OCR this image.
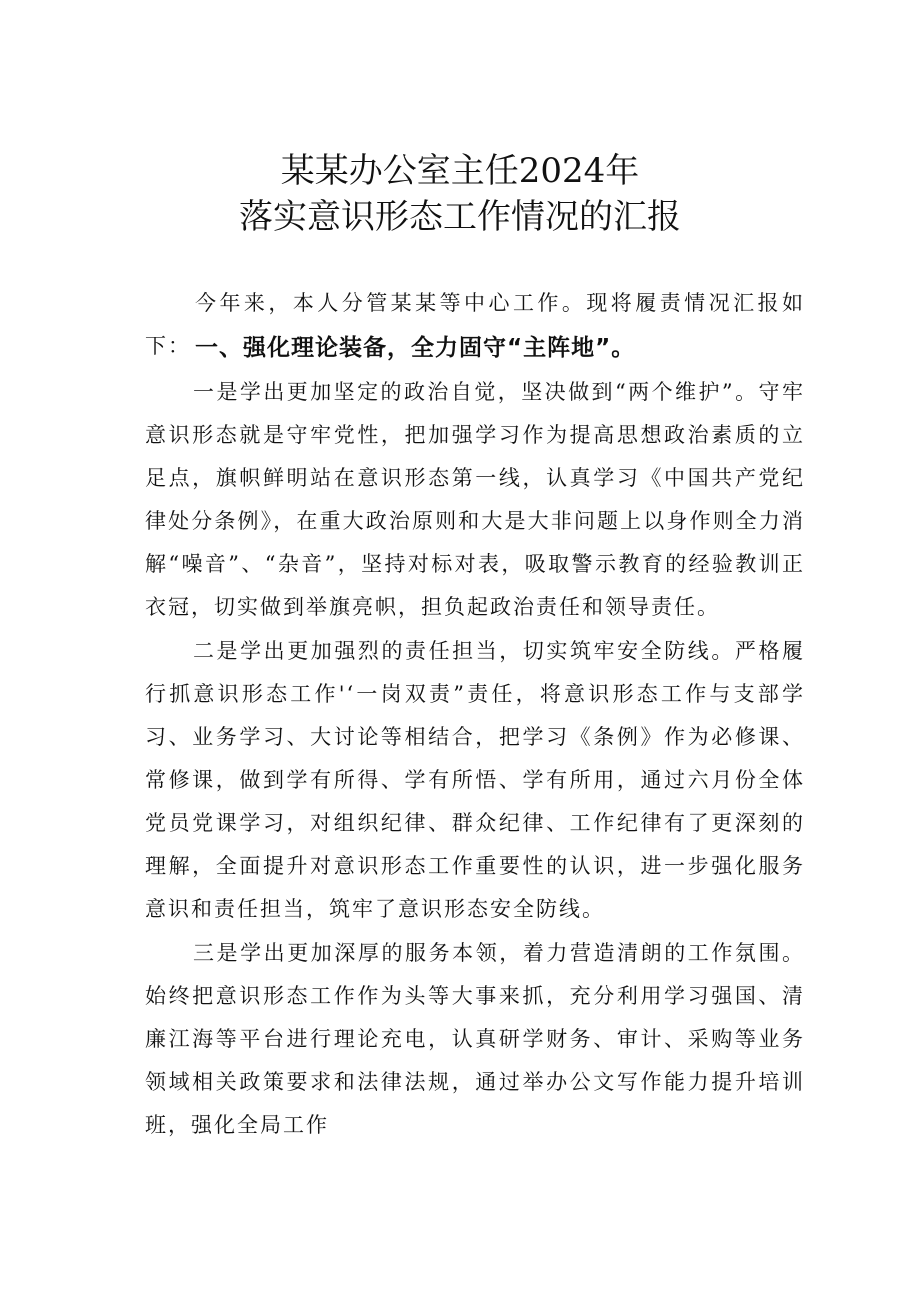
某某办公室主任2024年
落实意识形态工作情况的汇报
今年来，本人分管某某等中心工作。现将履责情况汇报如下： 一、强化理论装备，全力固守“主阵地”。
一是学出更加坚定的政治自觉，坚决做到“两个维护”。守牢意识形态就是守牢党性，把加强学习作为提高思想政治素质的立足点，旗帜鲜明站在意识形态第一线，认真学习《中国共产党纪律处分条例》，在重大政治原则和大是大非问题上以身作则全力消解“噪音”、“杂音”，坚持对标对表，吸取警示教育的经验教训正衣冠，切实做到举旗亮帜，担负起政治责任和领导责任。
二是学出更加强烈的责任担当，切实筑牢安全防线。严格履行抓意识形态工作'‘一岗双责”责任，将意识形态工作与支部学习、业务学习、大讨论等相结合，把学习《条例》作为必修课、常修课，做到学有所得、学有所悟、学有所用，通过六月份全体党员党课学习，对组织纪律、群众纪律、工作纪律有了更深刻的理解，全面提升对意识形态工作重要性的认识，进一步强化服务意识和责任担当，筑牢了意识形态安全防线。
三是学出更加深厚的服务本领，着力营造清朗的工作氛围。始终把意识形态工作作为头等大事来抓，充分利用学习强国、清廉江海等平台进行理论充电，认真研学财务、审计、采购等业务领域相关政策要求和法律法规，通过举办公文写作能力提升培训班，强化全局工作
